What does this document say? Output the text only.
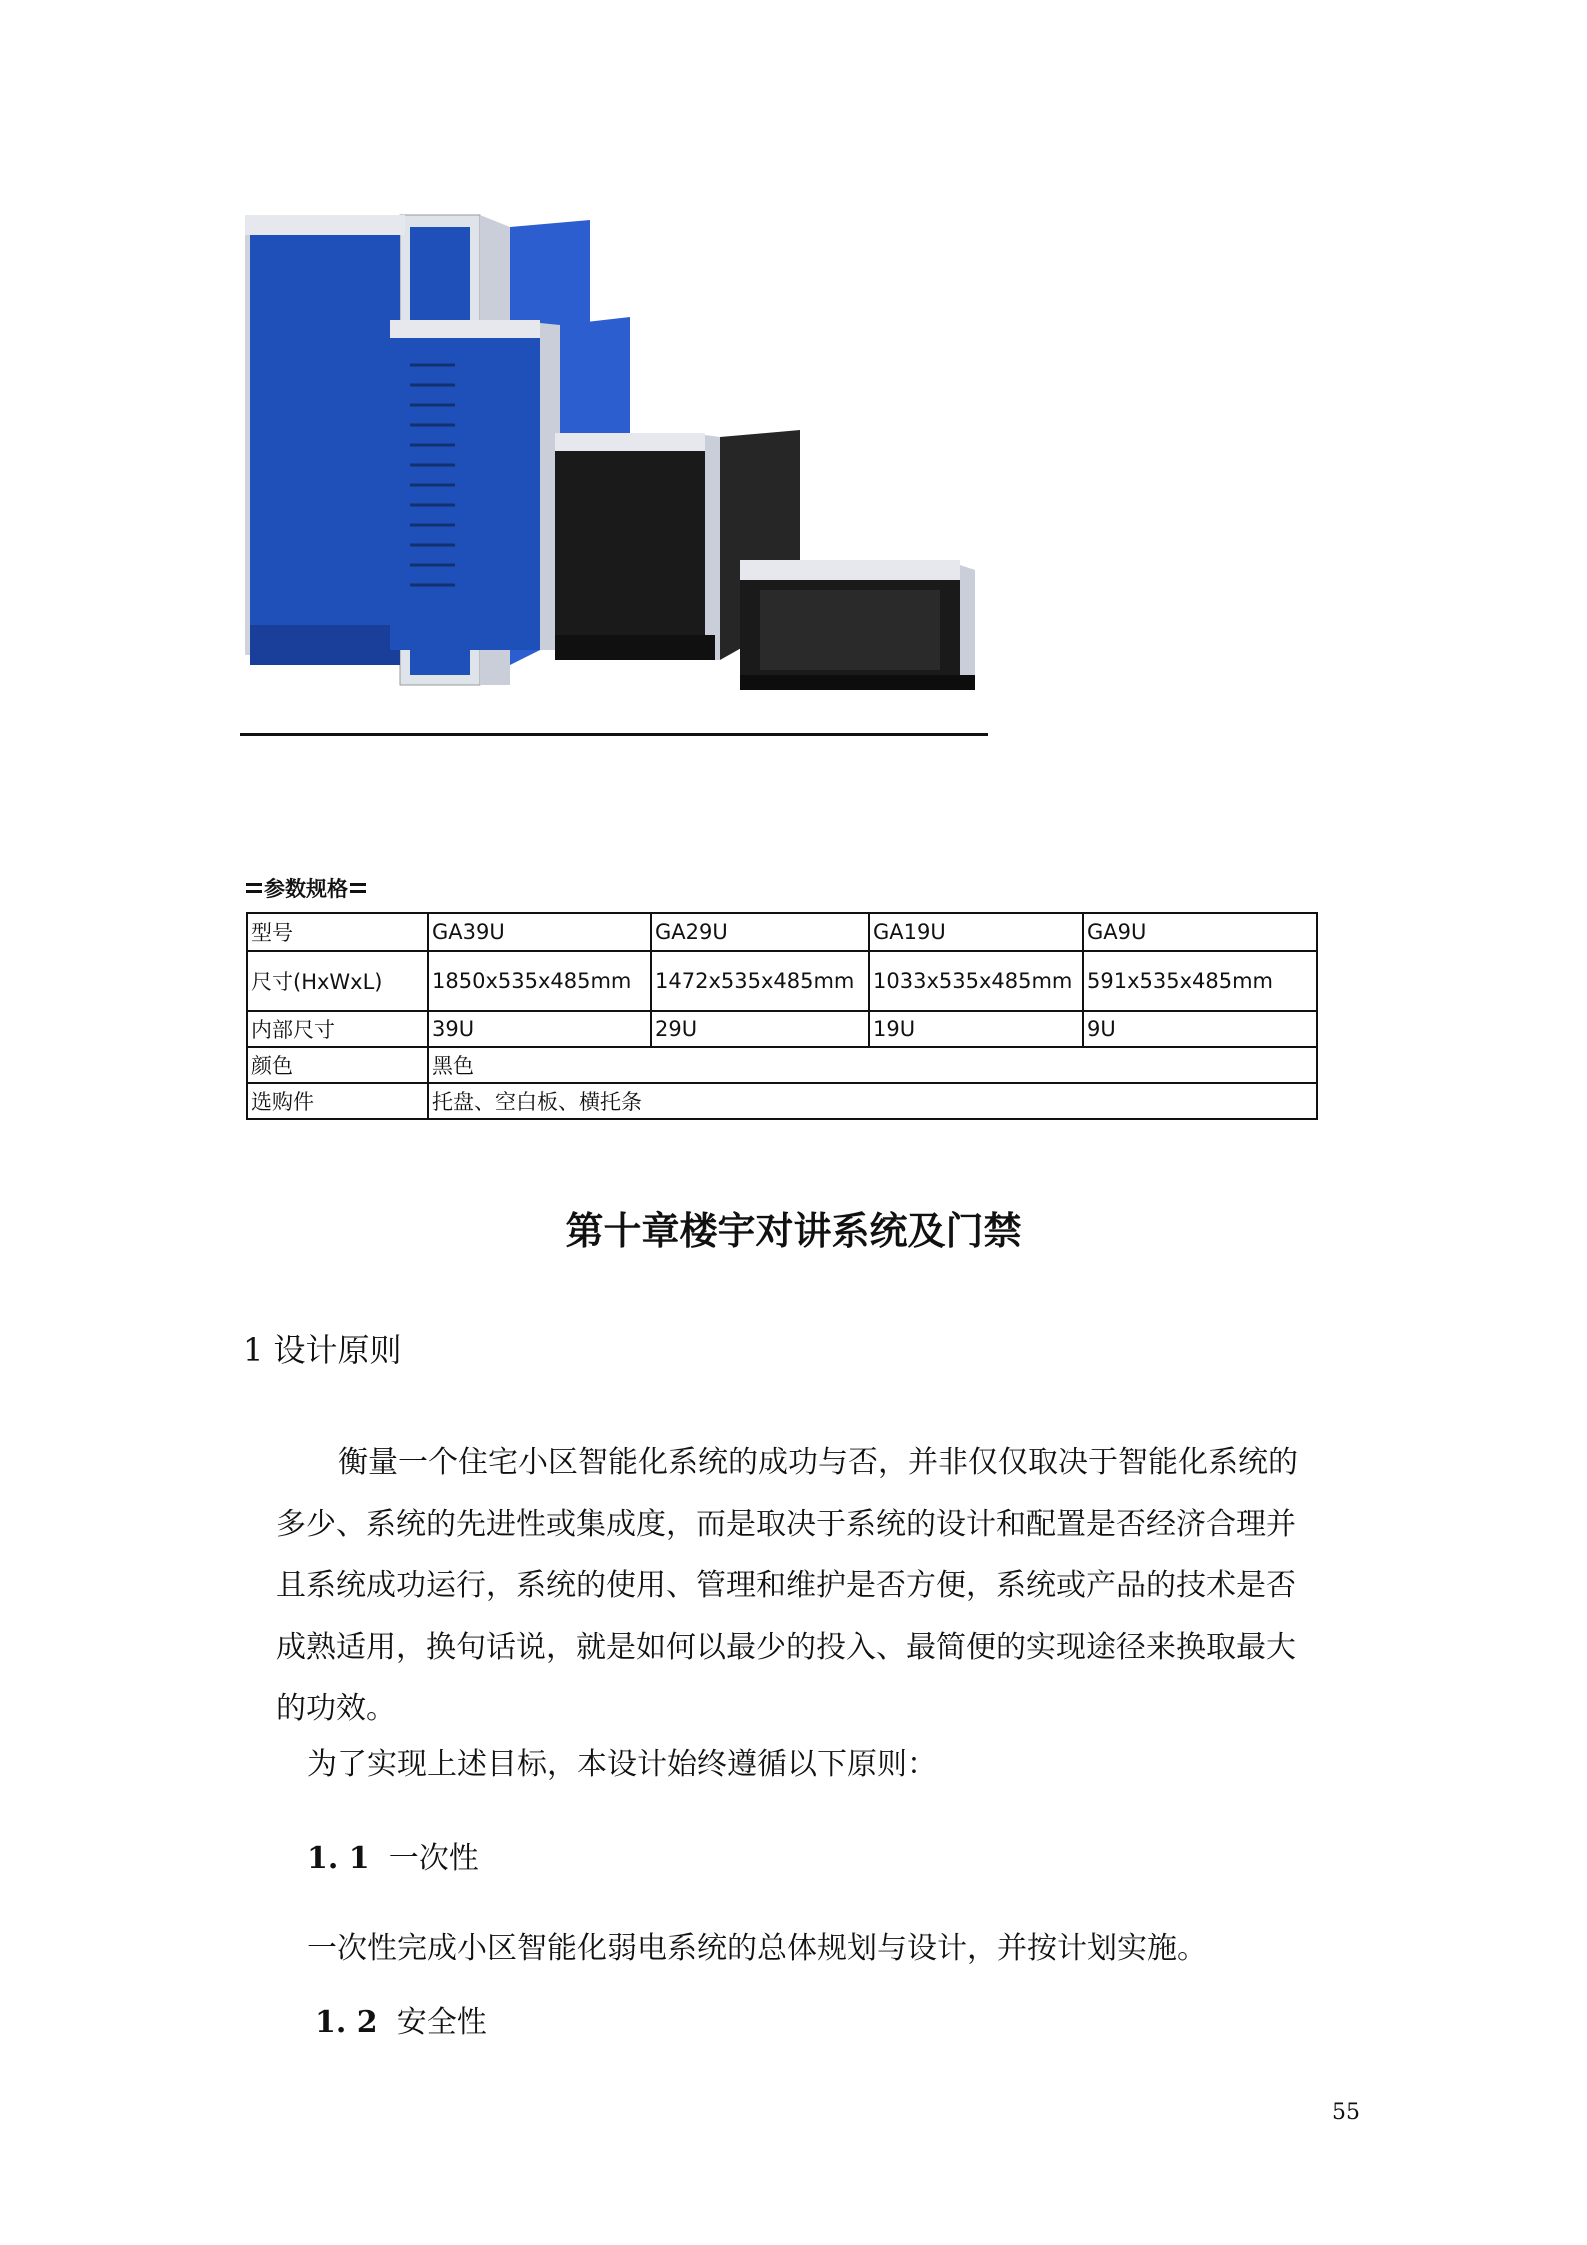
参数规格
型号	GA39U	GA29U	GA19U	GA9U
尺寸(HxWxL)	1850x535x485mm	1472x535x485mm	1033x535x485mm	591x535x485mm
内部尺寸	39U	29U	19U	9U
颜色	黑色			
选购件	托盘、空白板、横托条			
第十章楼宇对讲系统及门禁
1 设计原则
衡量一个住宅小区智能化系统的成功与否，并非仅仅取决于智能化系统的
多少、系统的先进性或集成度，而是取决于系统的设计和配置是否经济合理并
且系统成功运行，系统的使用、管理和维护是否方便，系统或产品的技术是否
成熟适用，换句话说，就是如何以最少的投入、最简便的实现途径来换取最大
的功效。
为了实现上述目标，本设计始终遵循以下原则：
1. 1 一次性
一次性完成小区智能化弱电系统的总体规划与设计，并按计划实施。
1. 2 安全性
55
